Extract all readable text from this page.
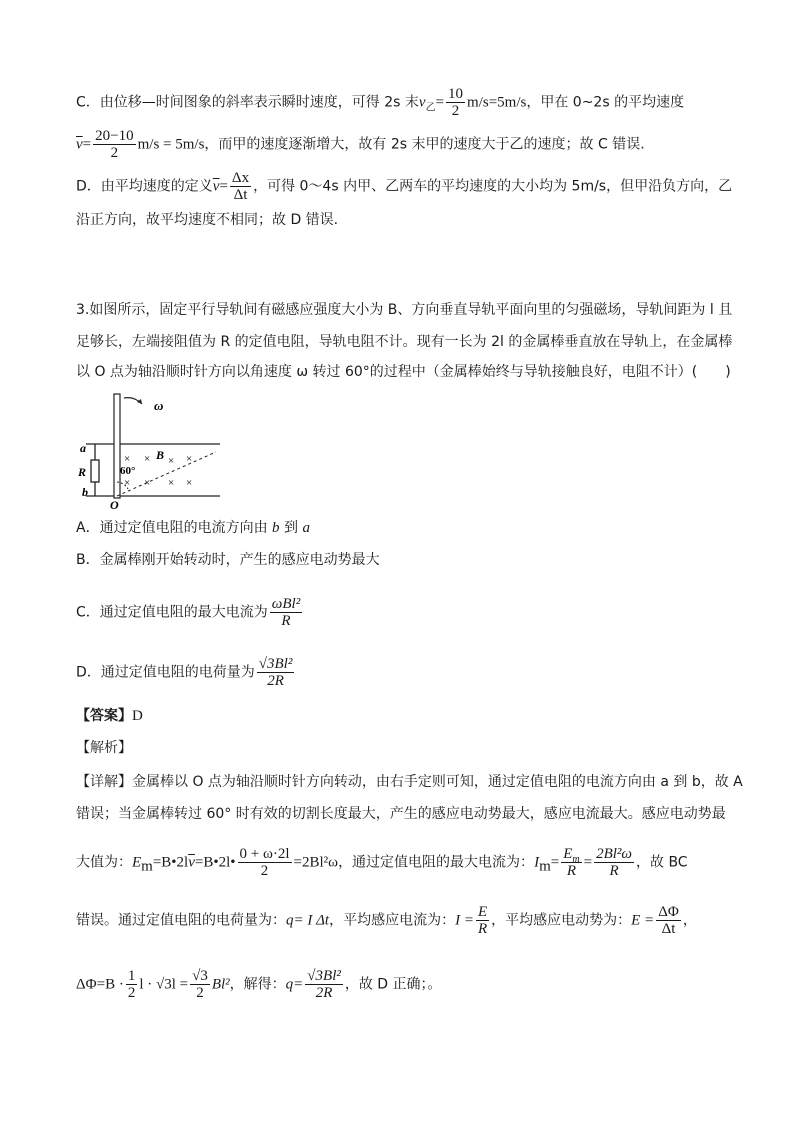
C．由位移—时间图象的斜率表示瞬时速度，可得 2s 末$v_乙= \frac{10}{2} m/s=5m/s$，甲在 0~2s 的平均速度
$\overline{v}= \frac{20-10}{2} m/s = 5m/s$，而甲的速度逐渐增大，故有 2s 末甲的速度大于乙的速度；故 C 错误.
D．由平均速度的定义$\overline{v}= \frac{\Delta x}{\Delta t}$ ，可得 0～4s 内甲、乙两车的平均速度的大小均为 5m/s，但甲沿负方向，乙
沿正方向，故平均速度不相同；故 D 错误.
3.如图所示，固定平行导轨间有磁感应强度大小为 B、方向垂直导轨平面向里的匀强磁场，导轨间距为 l 且
足够长，左端接阻值为 R 的定值电阻，导轨电阻不计。现有一长为 2l 的金属棒垂直放在导轨上，在金属棒
以 O 点为轴沿顺时针方向以角速度 ω 转过 60°的过程中（金属棒始终与导轨接触良好，电阻不计）(　　)
ω
a
R
b
O
B
60°
× × × ×
× × × ×
A．通过定值电阻的电流方向由 b 到 a
B．金属棒刚开始转动时，产生的感应电动势最大
C．通过定值电阻的最大电流为 $\frac{\text{ωBl²}}{R}$
D．通过定值电阻的电荷量为 $\frac{\text{√3Bl²}}{2R}$
【答案】D
【解析】
【详解】金属棒以 O 点为轴沿顺时针方向转动，由右手定则可知，通过定值电阻的电流方向由 a 到 b，故 A
错误；当金属棒转过 60° 时有效的切割长度最大，产生的感应电动势最大，感应电流最大。感应电动势最
大值为：$E_m=B•2l\overline{v}=B•2l• \frac{0 + \omega\cdot 2l}{2} =2Bl^2\omega$，通过定值电阻的最大电流为：$I_m= \frac{E_m}{R} = \frac{\text{2Bl²ω}}{R}$ ，故 BC
错误。通过定值电阻的电荷量为：q= I Δt，平均感应电流为：$I = \frac{E}{R}$ ，平均感应电动势为：$E = \frac{\Delta\Phi}{\Delta t}$ ，
$\Delta\Phi=B \cdot \frac{1}{2}$ $l \cdot √3l = \frac{√3}{2} Bl^2$，解得：$q= \frac{\text{√3Bl²}}{2R}$ ，故 D 正确；。
